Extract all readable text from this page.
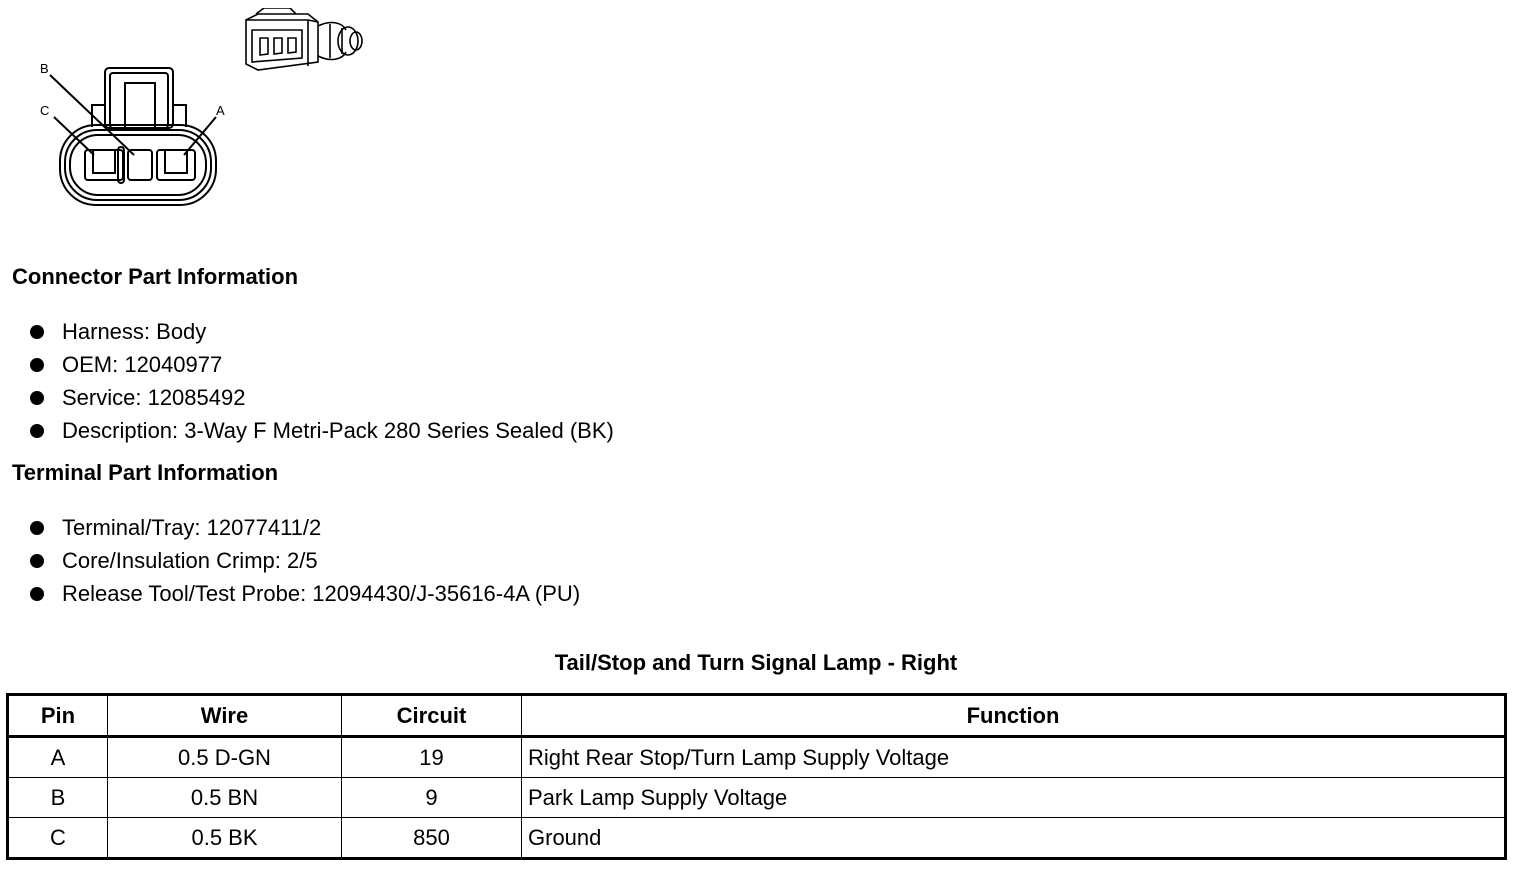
B
C	A
Connector Part Information
Harness: Body
OEM: 12040977
Service: 12085492
Description: 3-Way F Metri-Pack 280 Series Sealed (BK)
Terminal Part Information
Terminal/Tray: 12077411/2
Core/Insulation Crimp: 2/5
Release Tool/Test Probe: 12094430/J-35616-4A (PU)
Tail/Stop and Turn Signal Lamp - Right
Pin	Wire	Circuit	Function
A	0.5 D-GN	19	Right Rear Stop/Turn Lamp Supply Voltage
B	0.5 BN	9	Park Lamp Supply Voltage
C	0.5 BK	850	Ground
